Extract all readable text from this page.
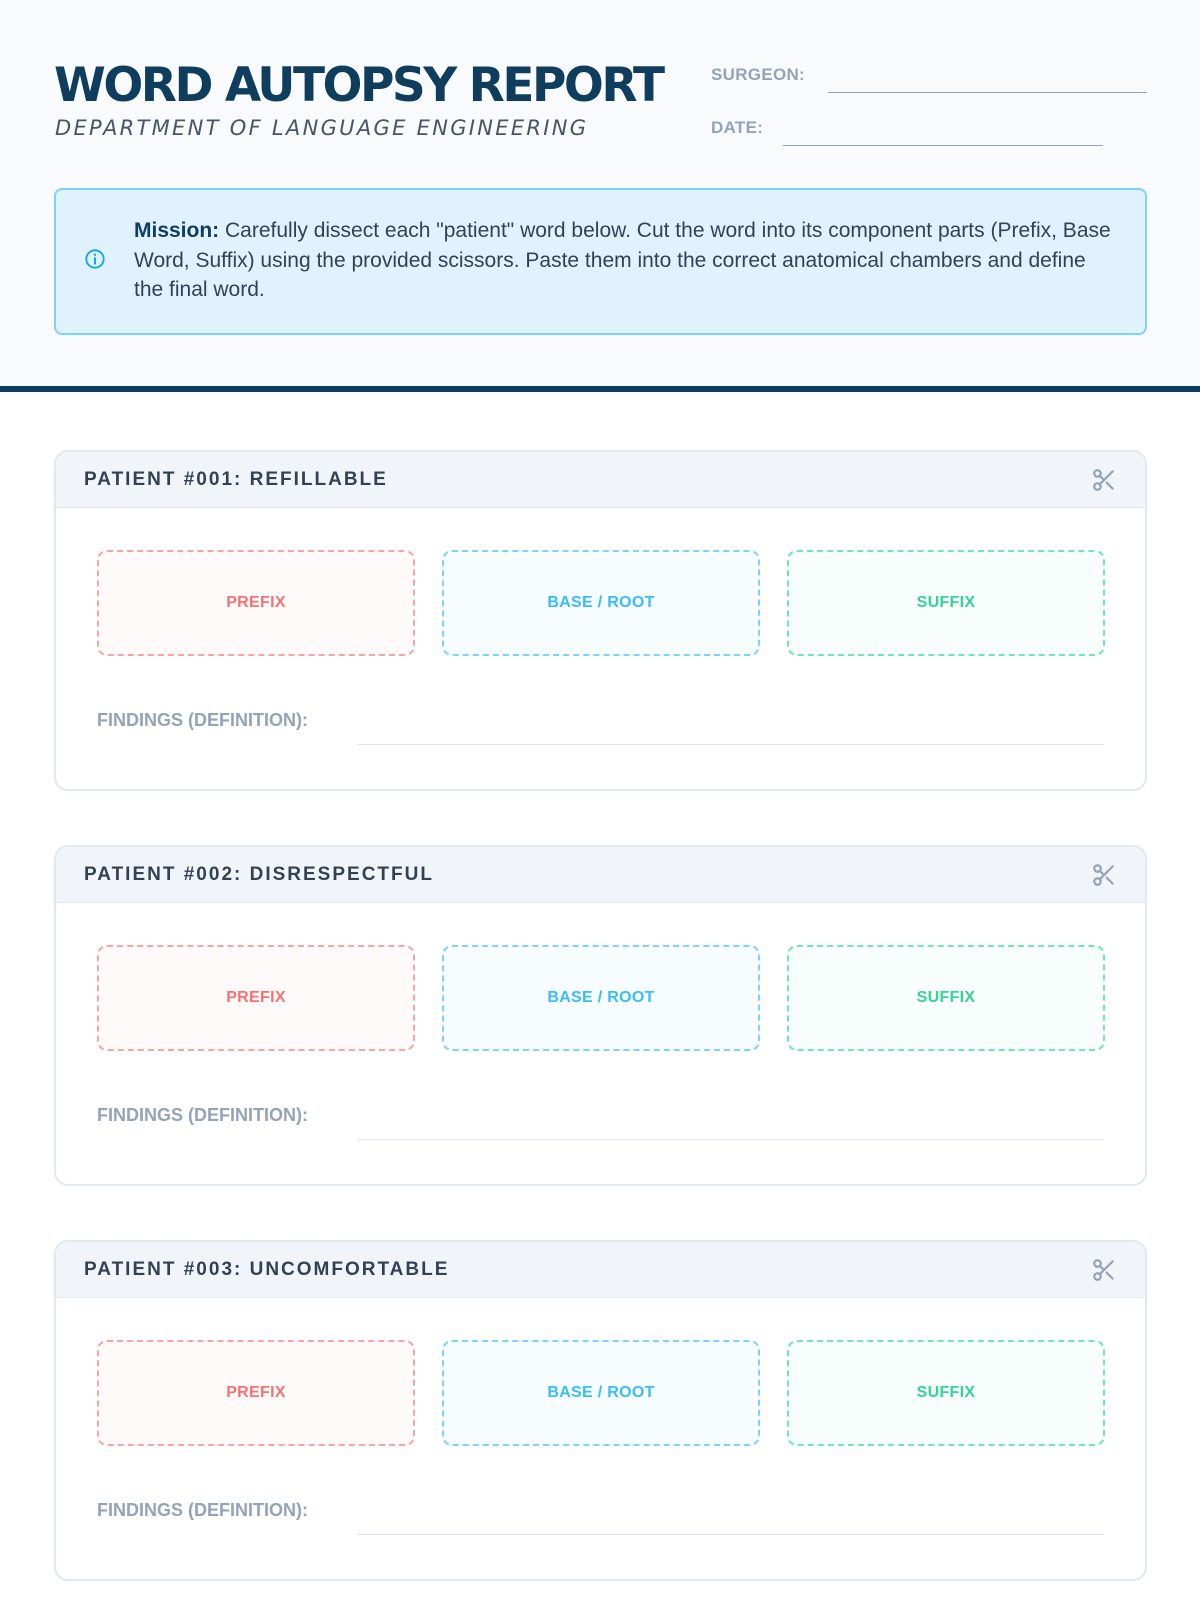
WORD AUTOPSY REPORT
DEPARTMENT OF LANGUAGE ENGINEERING
SURGEON:
DATE:
Mission: Carefully dissect each "patient" word below. Cut the word into its component parts (Prefix, Base Word, Suffix) using the provided scissors. Paste them into the correct anatomical chambers and define the final word.
PATIENT #001: REFILLABLE
PREFIX	BASE / ROOT	SUFFIX
FINDINGS (DEFINITION):
PATIENT #002: DISRESPECTFUL
PREFIX	BASE / ROOT	SUFFIX
FINDINGS (DEFINITION):
PATIENT #003: UNCOMFORTABLE
PREFIX	BASE / ROOT	SUFFIX
FINDINGS (DEFINITION):
